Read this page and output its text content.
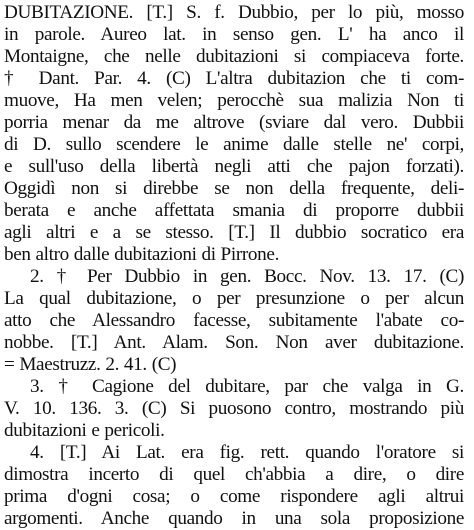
DUBITAZIONE. [T.] S. f. Dubbio, per lo più, mosso
in parole. Aureo lat. in senso gen. L' ha anco il
Montaigne, che nelle dubitazioni si compiaceva forte.
† Dant. Par. 4. (C) L'altra dubitazion che ti com-
muove, Ha men velen; perocchè sua malizia Non ti
porria menar da me altrove (sviare dal vero. Dubbii
di D. sullo scendere le anime dalle stelle ne' corpi,
e sull'uso della libertà negli atti che pajon forzati).
Oggidì non si direbbe se non della frequente, deli-
berata e anche affettata smania di proporre dubbii
agli altri e a se stesso. [T.] Il dubbio socratico era
ben altro dalle dubitazioni di Pirrone.
2. † Per Dubbio in gen. Bocc. Nov. 13. 17. (C)
La qual dubitazione, o per presunzione o per alcun
atto che Alessandro facesse, subitamente l'abate co-
nobbe. [T.] Ant. Alam. Son. Non aver dubitazione.
= Maestruzz. 2. 41. (C)
3. † Cagione del dubitare, par che valga in G.
V. 10. 136. 3. (C) Si puosono contro, mostrando più
dubitazioni e pericoli.
4. [T.] Ai Lat. era fig. rett. quando l'oratore si
dimostra incerto di quel ch'abbia a dire, o dire
prima d'ogni cosa; o come rispondere agli altrui
argomenti. Anche quando in una sola proposizione
